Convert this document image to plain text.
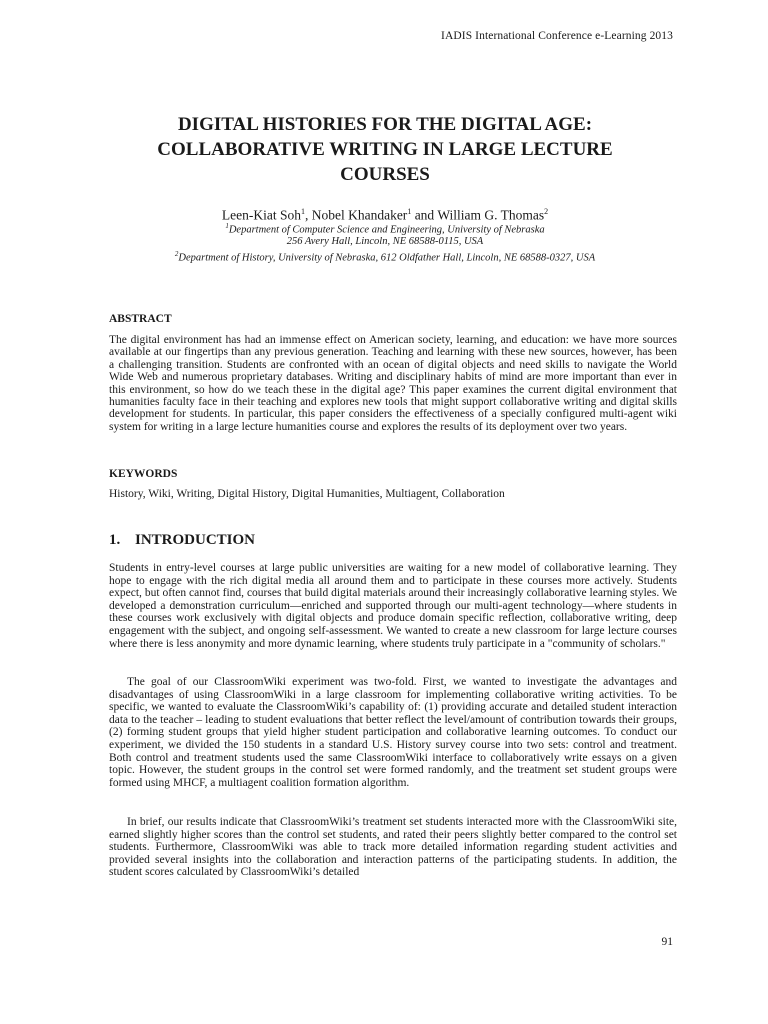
IADIS International Conference e-Learning 2013
DIGITAL HISTORIES FOR THE DIGITAL AGE:
COLLABORATIVE WRITING IN LARGE LECTURE
COURSES
Leen-Kiat Soh$^1$, Nobel Khandaker$^1$ and William G. Thomas$^2$
$^1$Department of Computer Science and Engineering, University of Nebraska
256 Avery Hall, Lincoln, NE 68588-0115, USA
$^2$Department of History, University of Nebraska, 612 Oldfather Hall, Lincoln, NE 68588-0327, USA
ABSTRACT
The digital environment has had an immense effect on American society, learning, and education: we have more sources available at our fingertips than any previous generation. Teaching and learning with these new sources, however, has been a challenging transition. Students are confronted with an ocean of digital objects and need skills to navigate the World Wide Web and numerous proprietary databases. Writing and disciplinary habits of mind are more important than ever in this environment, so how do we teach these in the digital age? This paper examines the current digital environment that humanities faculty face in their teaching and explores new tools that might support collaborative writing and digital skills development for students. In particular, this paper considers the effectiveness of a specially configured multi-agent wiki system for writing in a large lecture humanities course and explores the results of its deployment over two years.
KEYWORDS
History, Wiki, Writing, Digital History, Digital Humanities, Multiagent, Collaboration
1. INTRODUCTION
Students in entry-level courses at large public universities are waiting for a new model of collaborative learning. They hope to engage with the rich digital media all around them and to participate in these courses more actively. Students expect, but often cannot find, courses that build digital materials around their increasingly collaborative learning styles. We developed a demonstration curriculum—enriched and supported through our multi-agent technology—where students in these courses work exclusively with digital objects and produce domain specific reflection, collaborative writing, deep engagement with the subject, and ongoing self-assessment. We wanted to create a new classroom for large lecture courses where there is less anonymity and more dynamic learning, where students truly participate in a "community of scholars."
The goal of our ClassroomWiki experiment was two-fold. First, we wanted to investigate the advantages and disadvantages of using ClassroomWiki in a large classroom for implementing collaborative writing activities. To be specific, we wanted to evaluate the ClassroomWiki’s capability of: (1) providing accurate and detailed student interaction data to the teacher – leading to student evaluations that better reflect the level/amount of contribution towards their groups, (2) forming student groups that yield higher student participation and collaborative learning outcomes. To conduct our experiment, we divided the 150 students in a standard U.S. History survey course into two sets: control and treatment. Both control and treatment students used the same ClassroomWiki interface to collaboratively write essays on a given topic. However, the student groups in the control set were formed randomly, and the treatment set student groups were formed using MHCF, a multiagent coalition formation algorithm.
In brief, our results indicate that ClassroomWiki’s treatment set students interacted more with the ClassroomWiki site, earned slightly higher scores than the control set students, and rated their peers slightly better compared to the control set students. Furthermore, ClassroomWiki was able to track more detailed information regarding student activities and provided several insights into the collaboration and interaction patterns of the participating students. In addition, the student scores calculated by ClassroomWiki’s detailed
91
